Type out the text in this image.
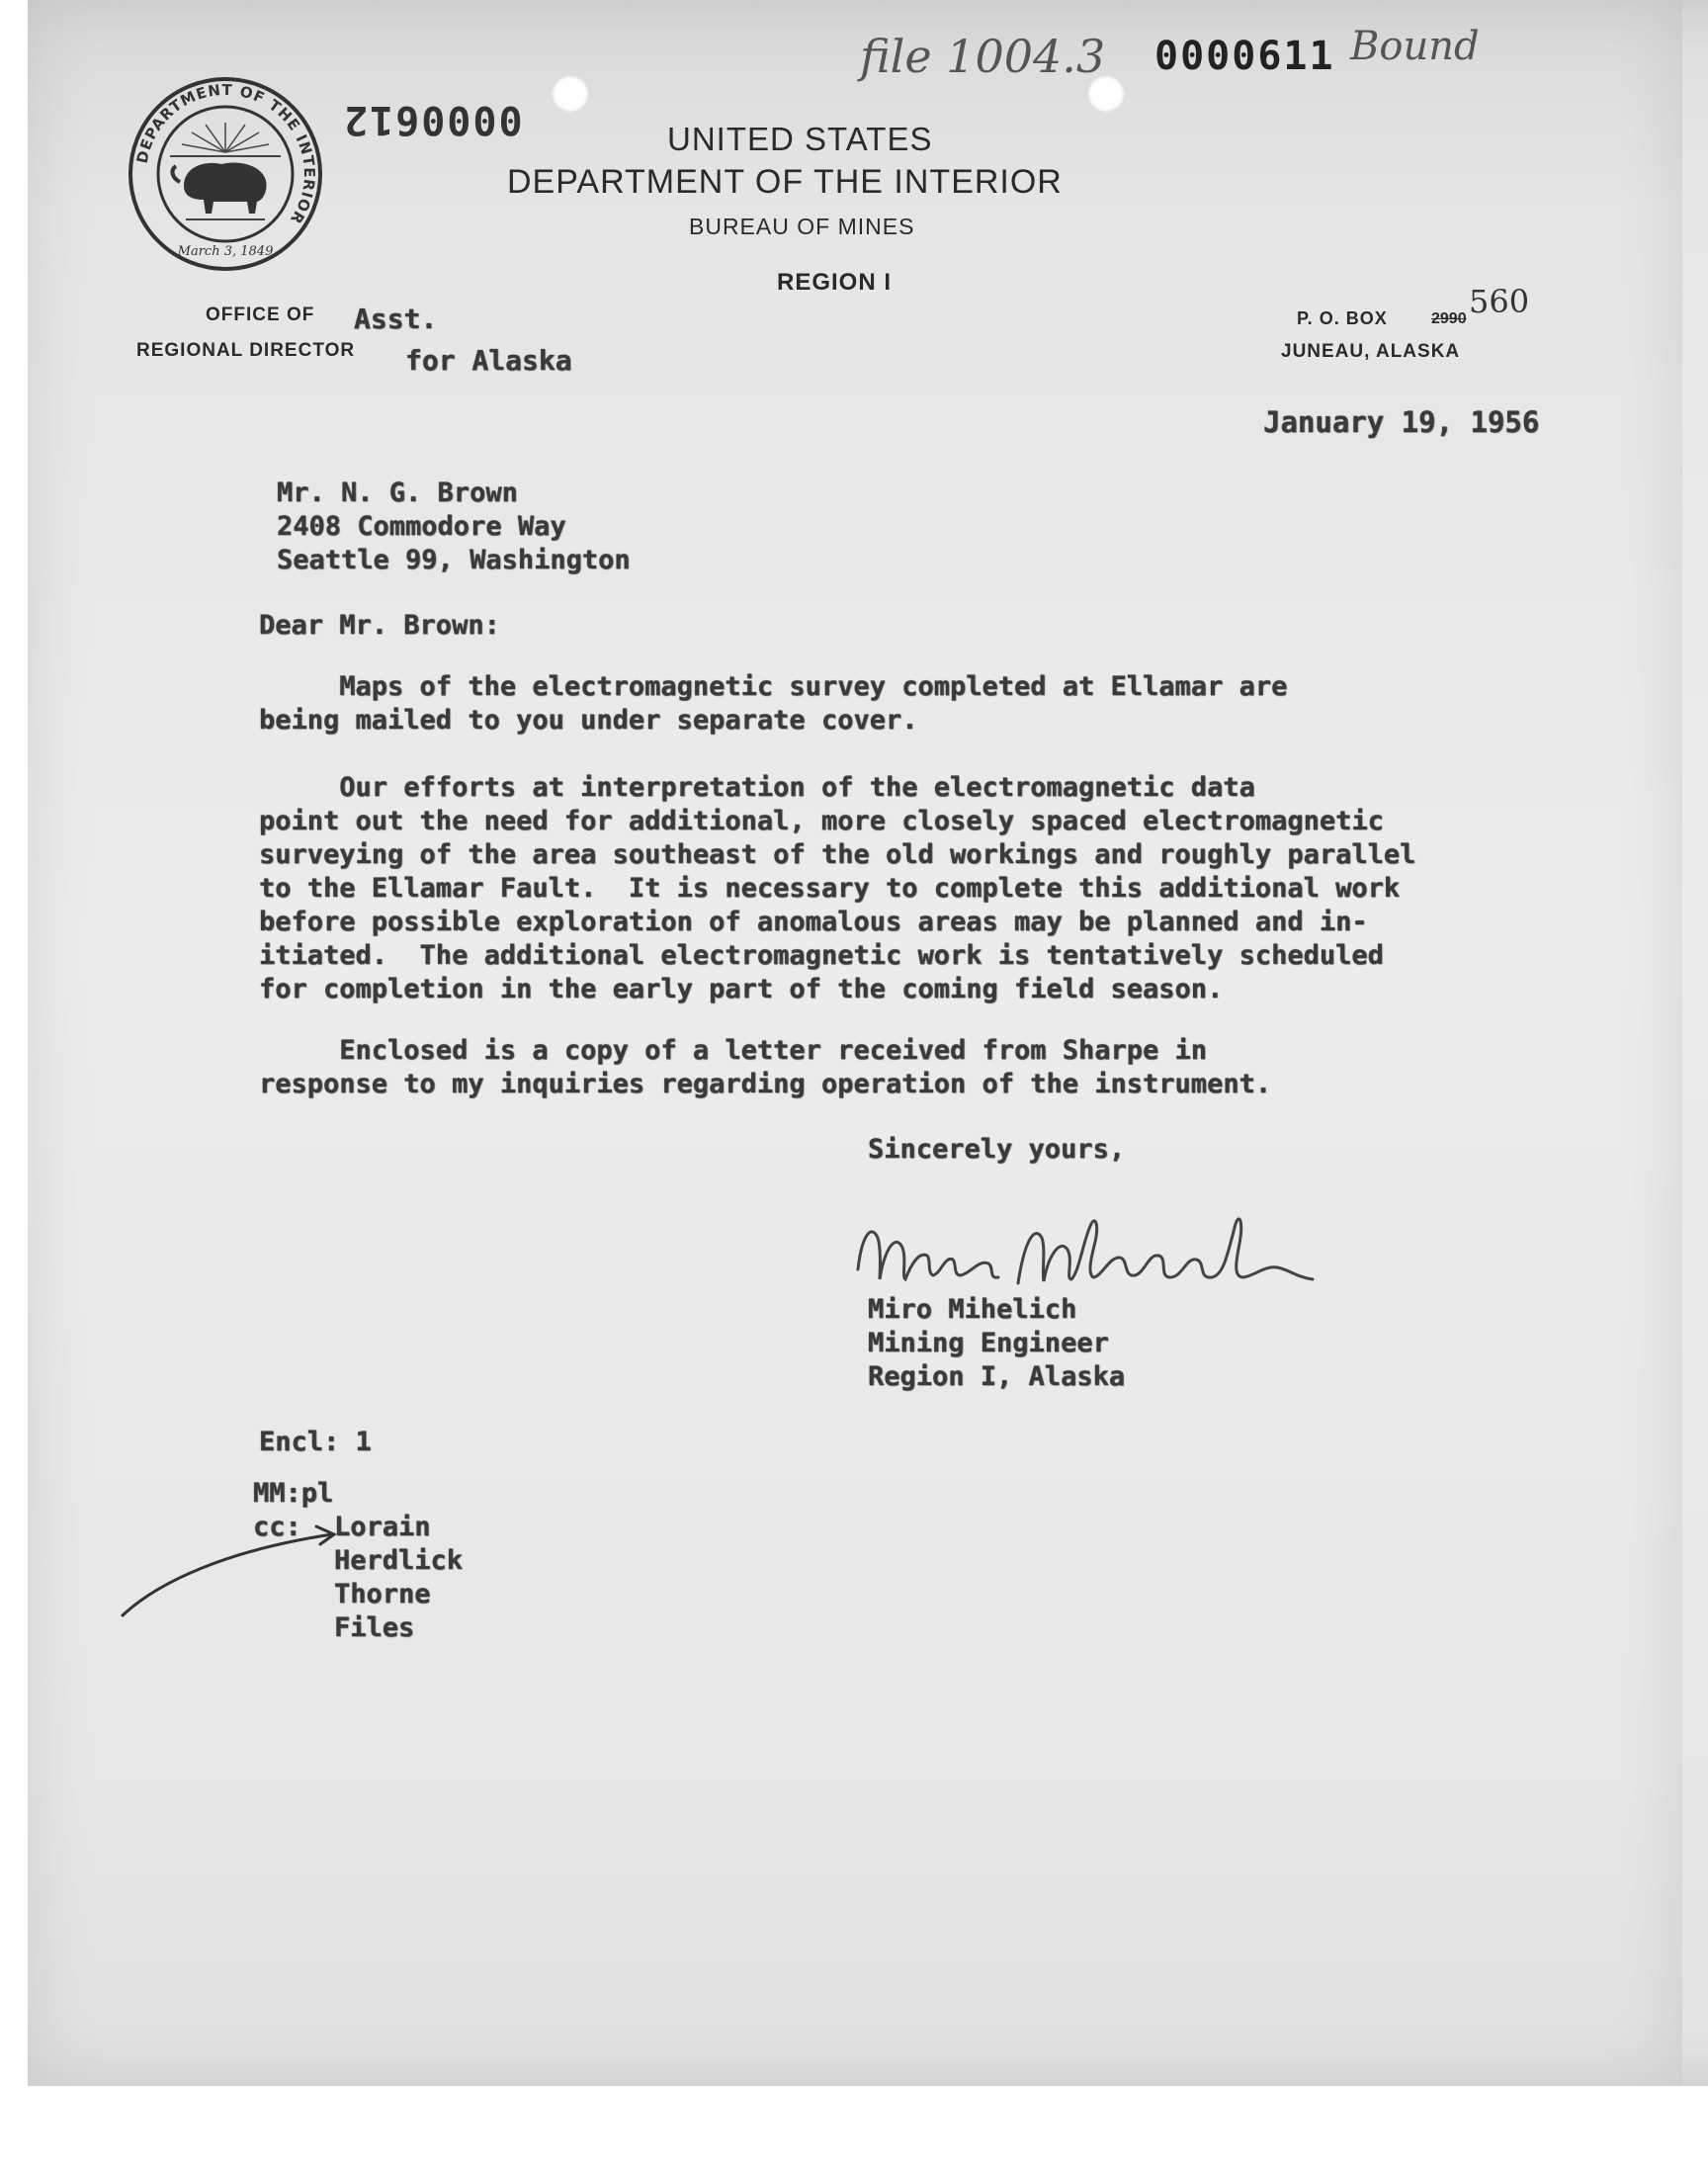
0000612
file 1004.3 0000611 Bound
DEPARTMENT OF THE INTERIOR
March 3, 1849
UNITED STATES
DEPARTMENT OF THE INTERIOR
BUREAU OF MINES
REGION I
OFFICE OF Asst.
REGIONAL DIRECTOR for Alaska
P. O. BOX	2990 560
JUNEAU, ALASKA
January 19, 1956
Mr. N. G. Brown
2408 Commodore Way
Seattle 99, Washington
Dear Mr. Brown:
Maps of the electromagnetic survey completed at Ellamar are
being mailed to you under separate cover.
Our efforts at interpretation of the electromagnetic data
point out the need for additional, more closely spaced electromagnetic
surveying of the area southeast of the old workings and roughly parallel
to the Ellamar Fault.  It is necessary to complete this additional work
before possible exploration of anomalous areas may be planned and in-
itiated.  The additional electromagnetic work is tentatively scheduled
for completion in the early part of the coming field season.
Enclosed is a copy of a letter received from Sharpe in
response to my inquiries regarding operation of the instrument.
Sincerely yours,
Miro Mihelich
Mining Engineer
Region I, Alaska
Encl: 1
MM:pl
cc: Lorain
Herdlick
Thorne
Files
